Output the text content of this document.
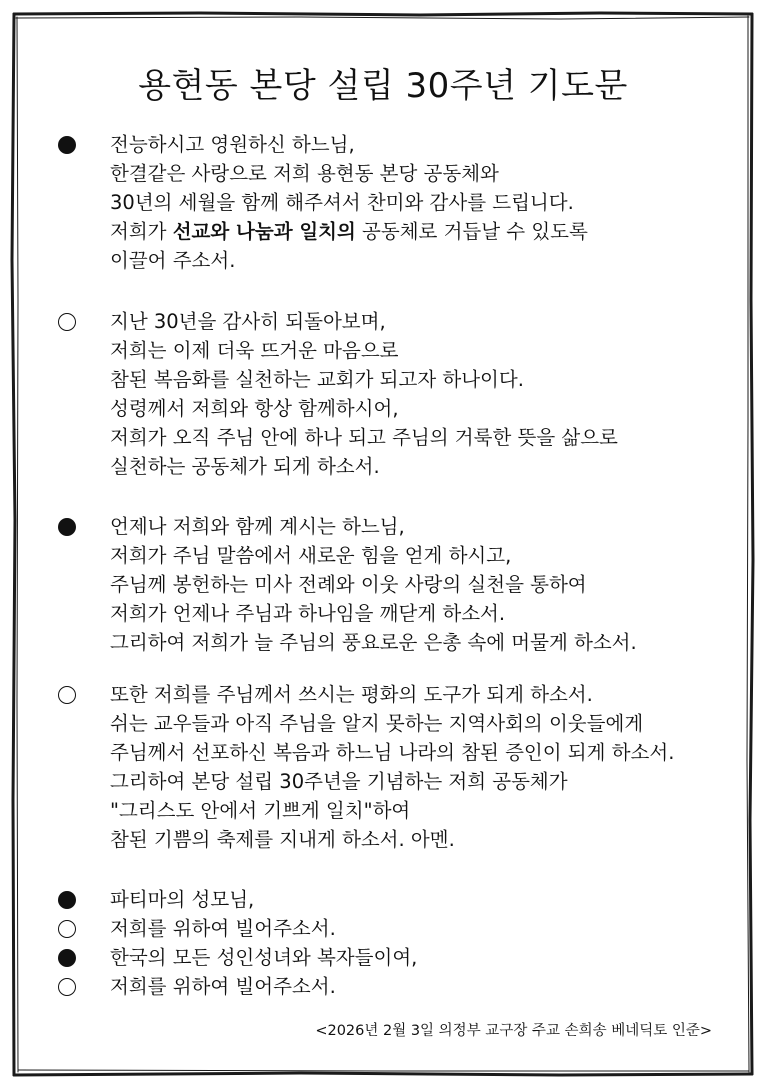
용현동 본당 설립 30주년 기도문
전능하시고 영원하신 하느님,
한결같은 사랑으로 저희 용현동 본당 공동체와
30년의 세월을 함께 해주셔서 찬미와 감사를 드립니다.
저희가 선교와 나눔과 일치의 공동체로 거듭날 수 있도록
이끌어 주소서.
지난 30년을 감사히 되돌아보며,
저희는 이제 더욱 뜨거운 마음으로
참된 복음화를 실천하는 교회가 되고자 하나이다.
성령께서 저희와 항상 함께하시어,
저희가 오직 주님 안에 하나 되고 주님의 거룩한 뜻을 삶으로
실천하는 공동체가 되게 하소서.
언제나 저희와 함께 계시는 하느님,
저희가 주님 말씀에서 새로운 힘을 얻게 하시고,
주님께 봉헌하는 미사 전례와 이웃 사랑의 실천을 통하여
저희가 언제나 주님과 하나임을 깨닫게 하소서.
그리하여 저희가 늘 주님의 풍요로운 은총 속에 머물게 하소서.
또한 저희를 주님께서 쓰시는 평화의 도구가 되게 하소서.
쉬는 교우들과 아직 주님을 알지 못하는 지역사회의 이웃들에게
주님께서 선포하신 복음과 하느님 나라의 참된 증인이 되게 하소서.
그리하여 본당 설립 30주년을 기념하는 저희 공동체가
"그리스도 안에서 기쁘게 일치"하여
참된 기쁨의 축제를 지내게 하소서. 아멘.
파티마의 성모님,
저희를 위하여 빌어주소서.
한국의 모든 성인성녀와 복자들이여,
저희를 위하여 빌어주소서.
<2026년 2월 3일 의정부 교구장 주교 손희송 베네딕토 인준>
